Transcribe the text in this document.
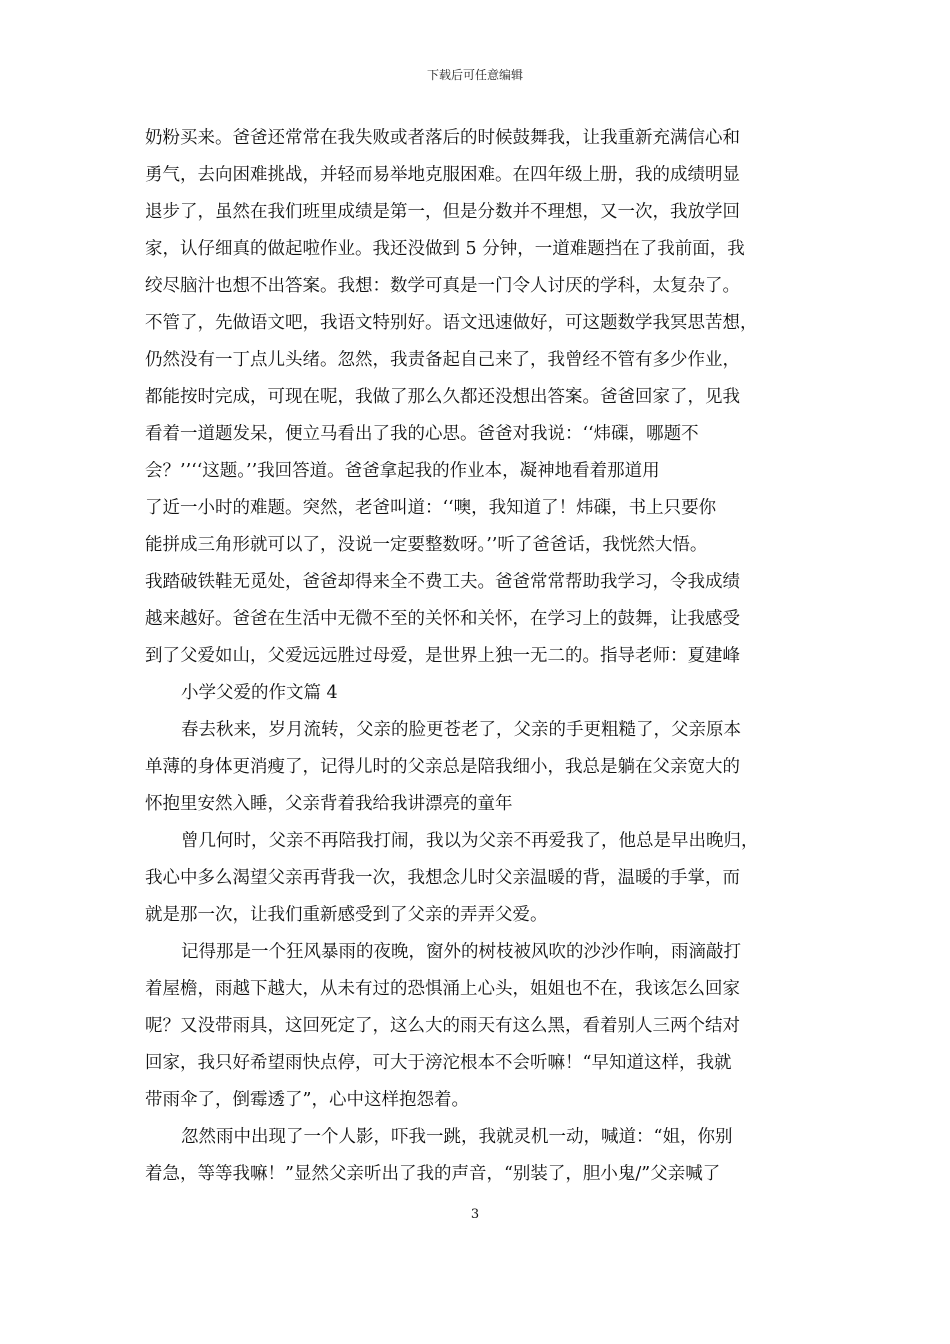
下载后可任意编辑
奶粉买来。爸爸还常常在我失败或者落后的时候鼓舞我，让我重新充满信心和
勇气，去向困难挑战，并轻而易举地克服困难。在四年级上册，我的成绩明显
退步了，虽然在我们班里成绩是第一，但是分数并不理想，又一次，我放学回
家，认仔细真的做起啦作业。我还没做到 5 分钟，一道难题挡在了我前面，我
绞尽脑汁也想不出答案。我想：数学可真是一门令人讨厌的学科，太复杂了。
不管了，先做语文吧，我语文特别好。语文迅速做好，可这题数学我冥思苦想，
仍然没有一丁点儿头绪。忽然，我责备起自己来了，我曾经不管有多少作业，
都能按时完成，可现在呢，我做了那么久都还没想出答案。爸爸回家了，见我
看着一道题发呆，便立马看出了我的心思。爸爸对我说：‘‘炜磲，哪题不
会？’’‘‘这题。’’我回答道。爸爸拿起我的作业本，凝神地看着那道用
了近一小时的难题。突然，老爸叫道：‘‘噢，我知道了！炜磲，书上只要你
能拼成三角形就可以了，没说一定要整数呀。’’听了爸爸话，我恍然大悟。
我踏破铁鞋无觅处，爸爸却得来全不费工夫。爸爸常常帮助我学习，令我成绩
越来越好。爸爸在生活中无微不至的关怀和关怀，在学习上的鼓舞，让我感受
到了父爱如山，父爱远远胜过母爱，是世界上独一无二的。指导老师：夏建峰
小学父爱的作文篇 4
春去秋来，岁月流转，父亲的脸更苍老了，父亲的手更粗糙了，父亲原本
单薄的身体更消瘦了，记得儿时的父亲总是陪我细小，我总是躺在父亲宽大的
怀抱里安然入睡，父亲背着我给我讲漂亮的童年
曾几何时，父亲不再陪我打闹，我以为父亲不再爱我了，他总是早出晚归，
我心中多么渴望父亲再背我一次，我想念儿时父亲温暖的背，温暖的手掌，而
就是那一次，让我们重新感受到了父亲的弄弄父爱。
记得那是一个狂风暴雨的夜晚，窗外的树枝被风吹的沙沙作响，雨滴敲打
着屋檐，雨越下越大，从未有过的恐惧涌上心头，姐姐也不在，我该怎么回家
呢？又没带雨具，这回死定了，这么大的雨天有这么黑，看着别人三两个结对
回家，我只好希望雨快点停，可大于滂沱根本不会听嘛！“早知道这样，我就
带雨伞了，倒霉透了”，心中这样抱怨着。
忽然雨中出现了一个人影，吓我一跳，我就灵机一动，喊道：“姐，你别
着急，等等我嘛！”显然父亲听出了我的声音，“别装了，胆小鬼/”父亲喊了
3
